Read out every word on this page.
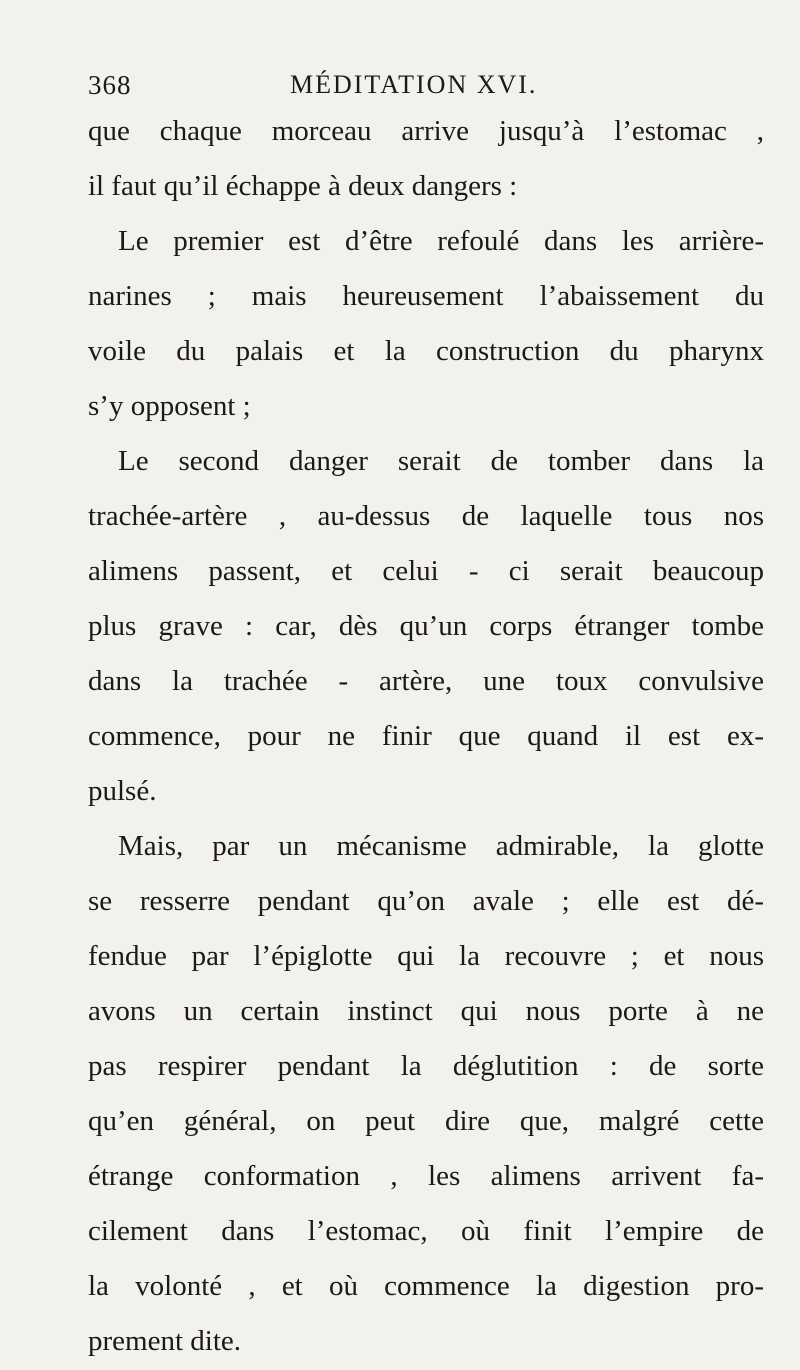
368	MÉDITATION XVI.
que chaque morceau arrive jusqu’à l’estomac ,
il faut qu’il échappe à deux dangers :
Le premier est d’être refoulé dans les arrière-
narines ; mais heureusement l’abaissement du
voile du palais et la construction du pharynx
s’y opposent ;
Le second danger serait de tomber dans la
trachée-artère , au-dessus de laquelle tous nos
alimens passent, et celui - ci serait beaucoup
plus grave : car, dès qu’un corps étranger tombe
dans la trachée - artère, une toux convulsive
commence, pour ne finir que quand il est ex-
pulsé.
Mais, par un mécanisme admirable, la glotte
se resserre pendant qu’on avale ; elle est dé-
fendue par l’épiglotte qui la recouvre ; et nous
avons un certain instinct qui nous porte à ne
pas respirer pendant la déglutition : de sorte
qu’en général, on peut dire que, malgré cette
étrange conformation , les alimens arrivent fa-
cilement dans l’estomac, où finit l’empire de
la volonté , et où commence la digestion pro-
prement dite.
